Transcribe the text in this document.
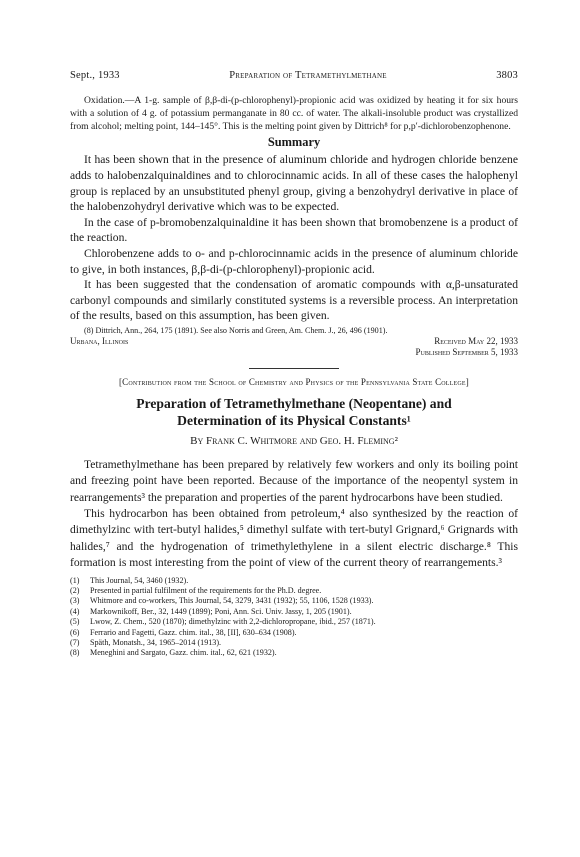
Sept., 1933	Preparation of Tetramethylmethane	3803

Oxidation.—A 1-g. sample of β,β-di-(p-chlorophenyl)-propionic acid was oxidized by heating it for six hours with a solution of 4 g. of potassium permanganate in 80 cc. of water. The alkali-insoluble product was crystallized from alcohol; melting point, 144–145°. This is the melting point given by Dittrich⁸ for p,p′-dichlorobenzophenone.

Summary

It has been shown that in the presence of aluminum chloride and hydrogen chloride benzene adds to halobenzalquinaldines and to chlorocinnamic acids. In all of these cases the halophenyl group is replaced by an unsubstituted phenyl group, giving a benzohydryl derivative in place of the halobenzohydryl derivative which was to be expected.

In the case of p-bromobenzalquinaldine it has been shown that bromobenzene is a product of the reaction.

Chlorobenzene adds to o- and p-chlorocinnamic acids in the presence of aluminum chloride to give, in both instances, β,β-di-(p-chlorophenyl)-propionic acid.

It has been suggested that the condensation of aromatic compounds with α,β-unsaturated carbonyl compounds and similarly constituted systems is a reversible process. An interpretation of the results, based on this assumption, has been given.

(8) Dittrich, Ann., 264, 175 (1891). See also Norris and Green, Am. Chem. J., 26, 496 (1901).

Urbana, Illinois	Received May 22, 1933
Published September 5, 1933
[Contribution from the School of Chemistry and Physics of the Pennsylvania State College]
Preparation of Tetramethylmethane (Neopentane) and
Determination of its Physical Constants¹
By Frank C. Whitmore and Geo. H. Fleming²

Tetramethylmethane has been prepared by relatively few workers and only its boiling point and freezing point have been reported. Because of the importance of the neopentyl system in rearrangements³ the preparation and properties of the parent hydrocarbons have been studied.

This hydrocarbon has been obtained from petroleum,⁴ also synthesized by the reaction of dimethylzinc with tert-butyl halides,⁵ dimethyl sulfate with tert-butyl Grignard,⁶ Grignards with halides,⁷ and the hydrogenation of trimethylethylene in a silent electric discharge.⁸ This formation is most interesting from the point of view of the current theory of rearrangements.³

(1)	This Journal, 54, 3460 (1932).
(2)	Presented in partial fulfilment of the requirements for the Ph.D. degree.
(3)	Whitmore and co-workers, This Journal, 54, 3279, 3431 (1932); 55, 1106, 1528 (1933).
(4)	Markownikoff, Ber., 32, 1449 (1899); Poni, Ann. Sci. Univ. Jassy, 1, 205 (1901).
(5)	Lwow, Z. Chem., 520 (1870); dimethylzinc with 2,2-dichloropropane, ibid., 257 (1871).
(6)	Ferrario and Fagetti, Gazz. chim. ital., 38, [II], 630–634 (1908).
(7)	Späth, Monatsh., 34, 1965–2014 (1913).
(8)	Meneghini and Sargato, Gazz. chim. ital., 62, 621 (1932).
